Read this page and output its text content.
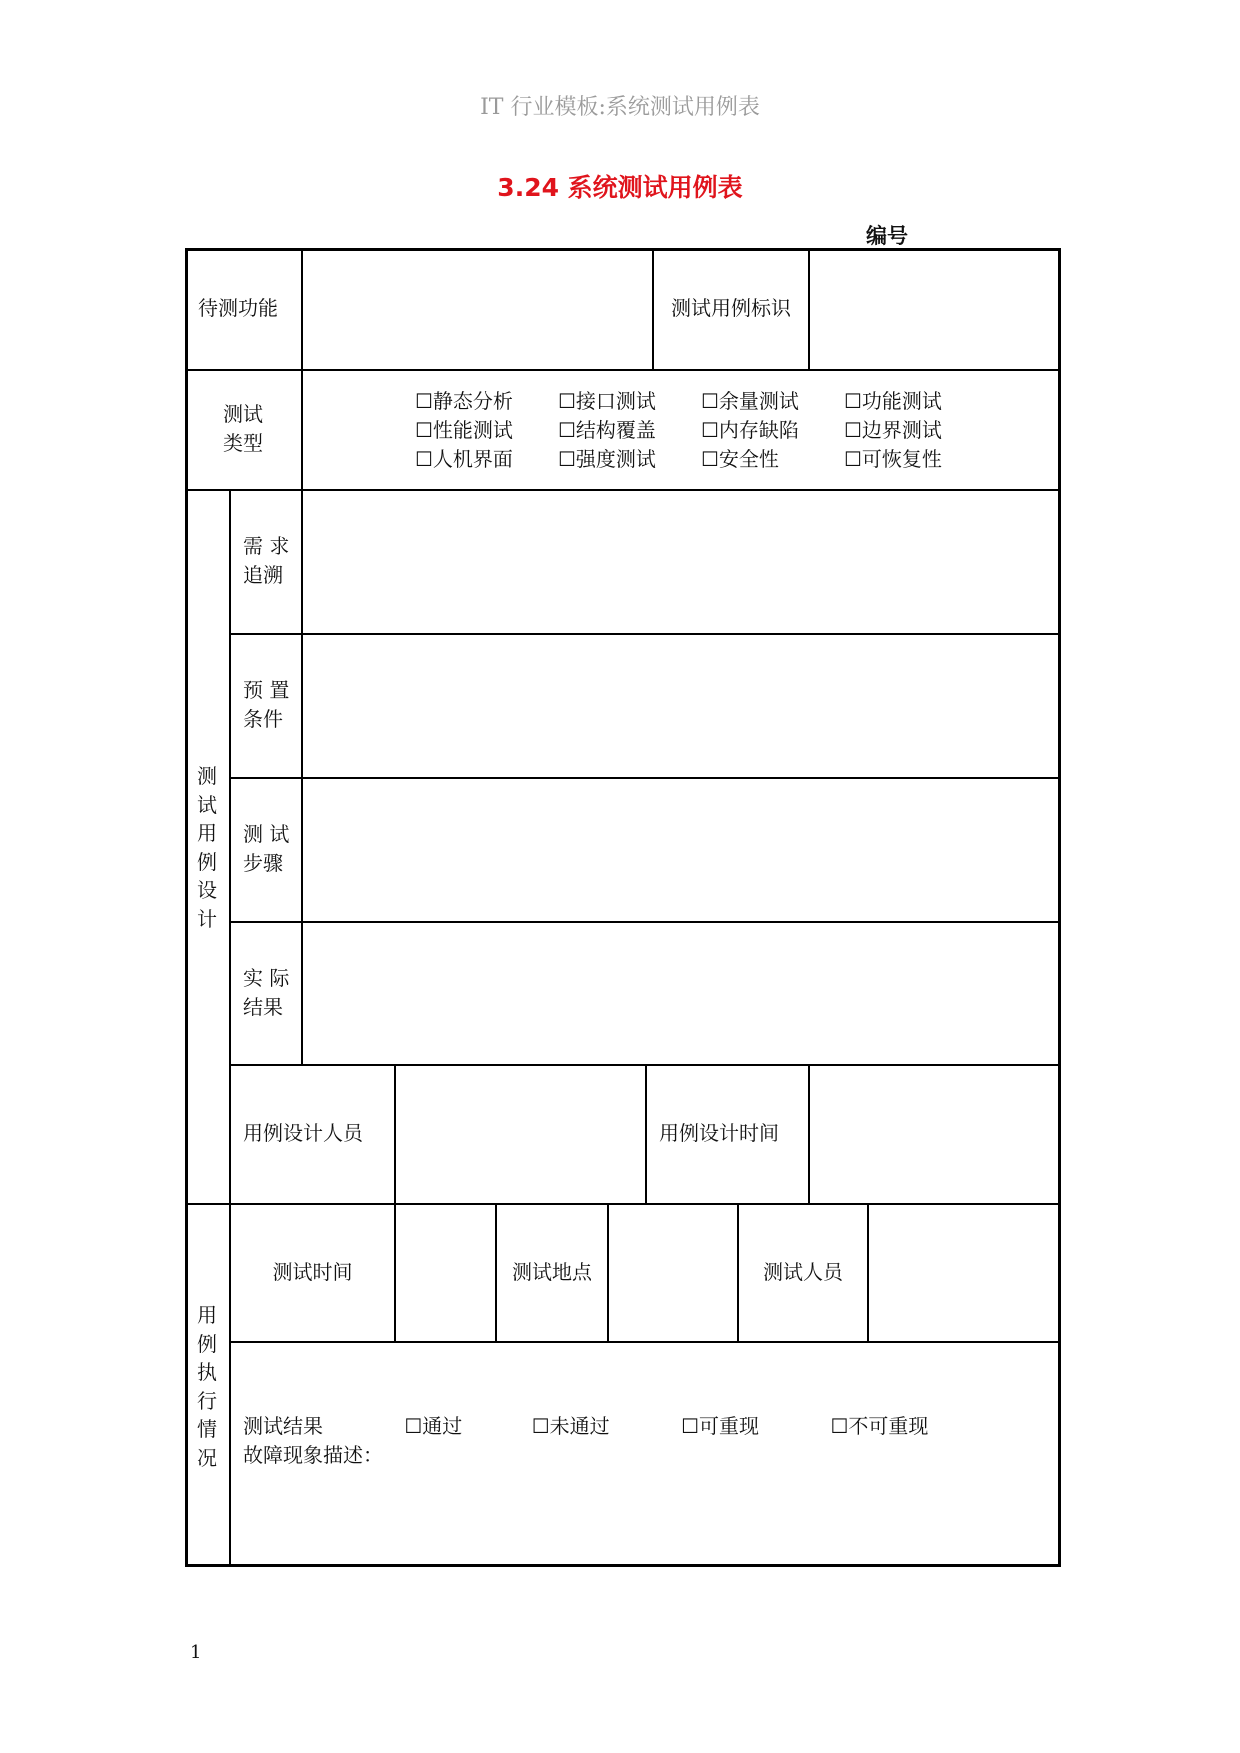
IT 行业模板:系统测试用例表
3.24 系统测试用例表
编号
待测功能	测试用例标识
测试类型
☐静态分析	☐接口测试	☐余量测试	☐功能测试
☐性能测试	☐结构覆盖	☐内存缺陷	☐边界测试
☐人机界面	☐强度测试	☐安全性	☐可恢复性
测试用例设计
需 求追溯
预 置条件
测 试步骤
实 际结果
用例设计人员	用例设计时间
用例执行情况
测试时间	测试地点	测试人员
测试结果	☐通过	☐未通过	☐可重现	☐不可重现
故障现象描述：
1
